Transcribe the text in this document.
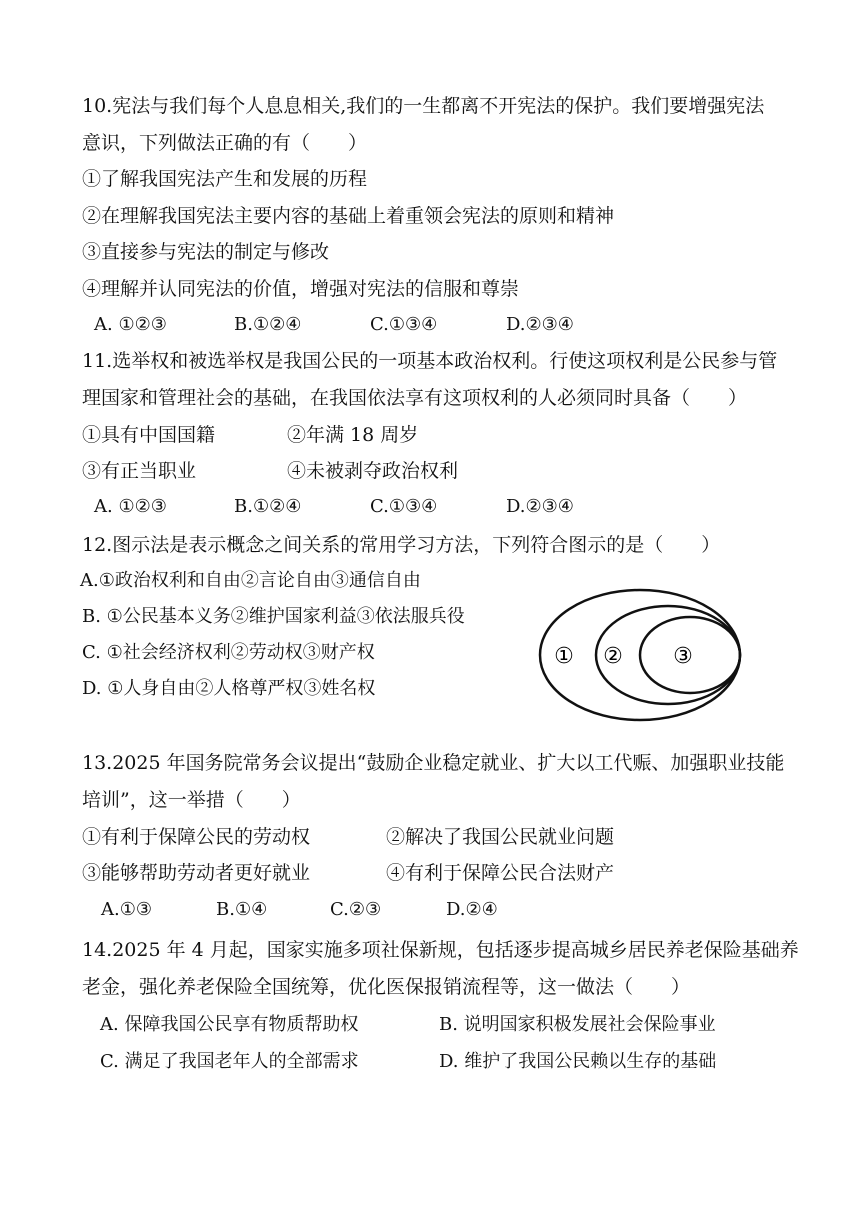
10.宪法与我们每个人息息相关,我们的一生都离不开宪法的保护。我们要增强宪法
意识，下列做法正确的有（　　）
①了解我国宪法产生和发展的历程
②在理解我国宪法主要内容的基础上着重领会宪法的原则和精神
③直接参与宪法的制定与修改
④理解并认同宪法的价值，增强对宪法的信服和尊崇
A. ①②③	B.①②④	C.①③④	D.②③④
11.选举权和被选举权是我国公民的一项基本政治权利。行使这项权利是公民参与管
理国家和管理社会的基础，在我国依法享有这项权利的人必须同时具备（　　）
①具有中国国籍	②年满 18 周岁
③有正当职业	④未被剥夺政治权利
A. ①②③	B.①②④	C.①③④	D.②③④
12.图示法是表示概念之间关系的常用学习方法，下列符合图示的是（　　）
A.①政治权利和自由②言论自由③通信自由
B. ①公民基本义务②维护国家利益③依法服兵役
C. ①社会经济权利②劳动权③财产权
D. ①人身自由②人格尊严权③姓名权
① ② ③
13.2025 年国务院常务会议提出“鼓励企业稳定就业、扩大以工代赈、加强职业技能
培训”，这一举措（　　）
①有利于保障公民的劳动权	②解决了我国公民就业问题
③能够帮助劳动者更好就业	④有利于保障公民合法财产
A.①③	B.①④	C.②③	D.②④
14.2025 年 4 月起，国家实施多项社保新规，包括逐步提高城乡居民养老保险基础养
老金，强化养老保险全国统筹，优化医保报销流程等，这一做法（　　）
A. 保障我国公民享有物质帮助权	B. 说明国家积极发展社会保险事业
C. 满足了我国老年人的全部需求	D. 维护了我国公民赖以生存的基础
